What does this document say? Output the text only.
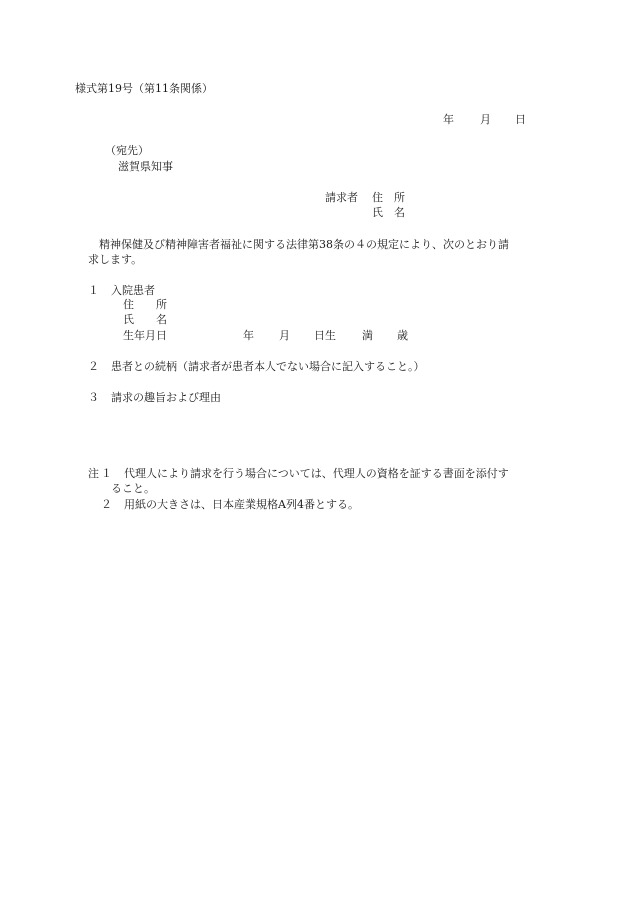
様式第19号（第11条関係）
年 月 日
（宛先）
滋賀県知事
請求者 住　所
氏　名
精神保健及び精神障害者福祉に関する法律第38条の４の規定により、次のとおり請
求します。
１ 入院患者
住　　所
氏　　名
生年月日	年 月 日生 満 歳
２ 患者との続柄（請求者が患者本人でない場合に記入すること。）
３ 請求の趣旨および理由
注 １ 代理人により請求を行う場合については、代理人の資格を証する書面を添付す
ること。
２ 用紙の大きさは、日本産業規格A列4番とする。
